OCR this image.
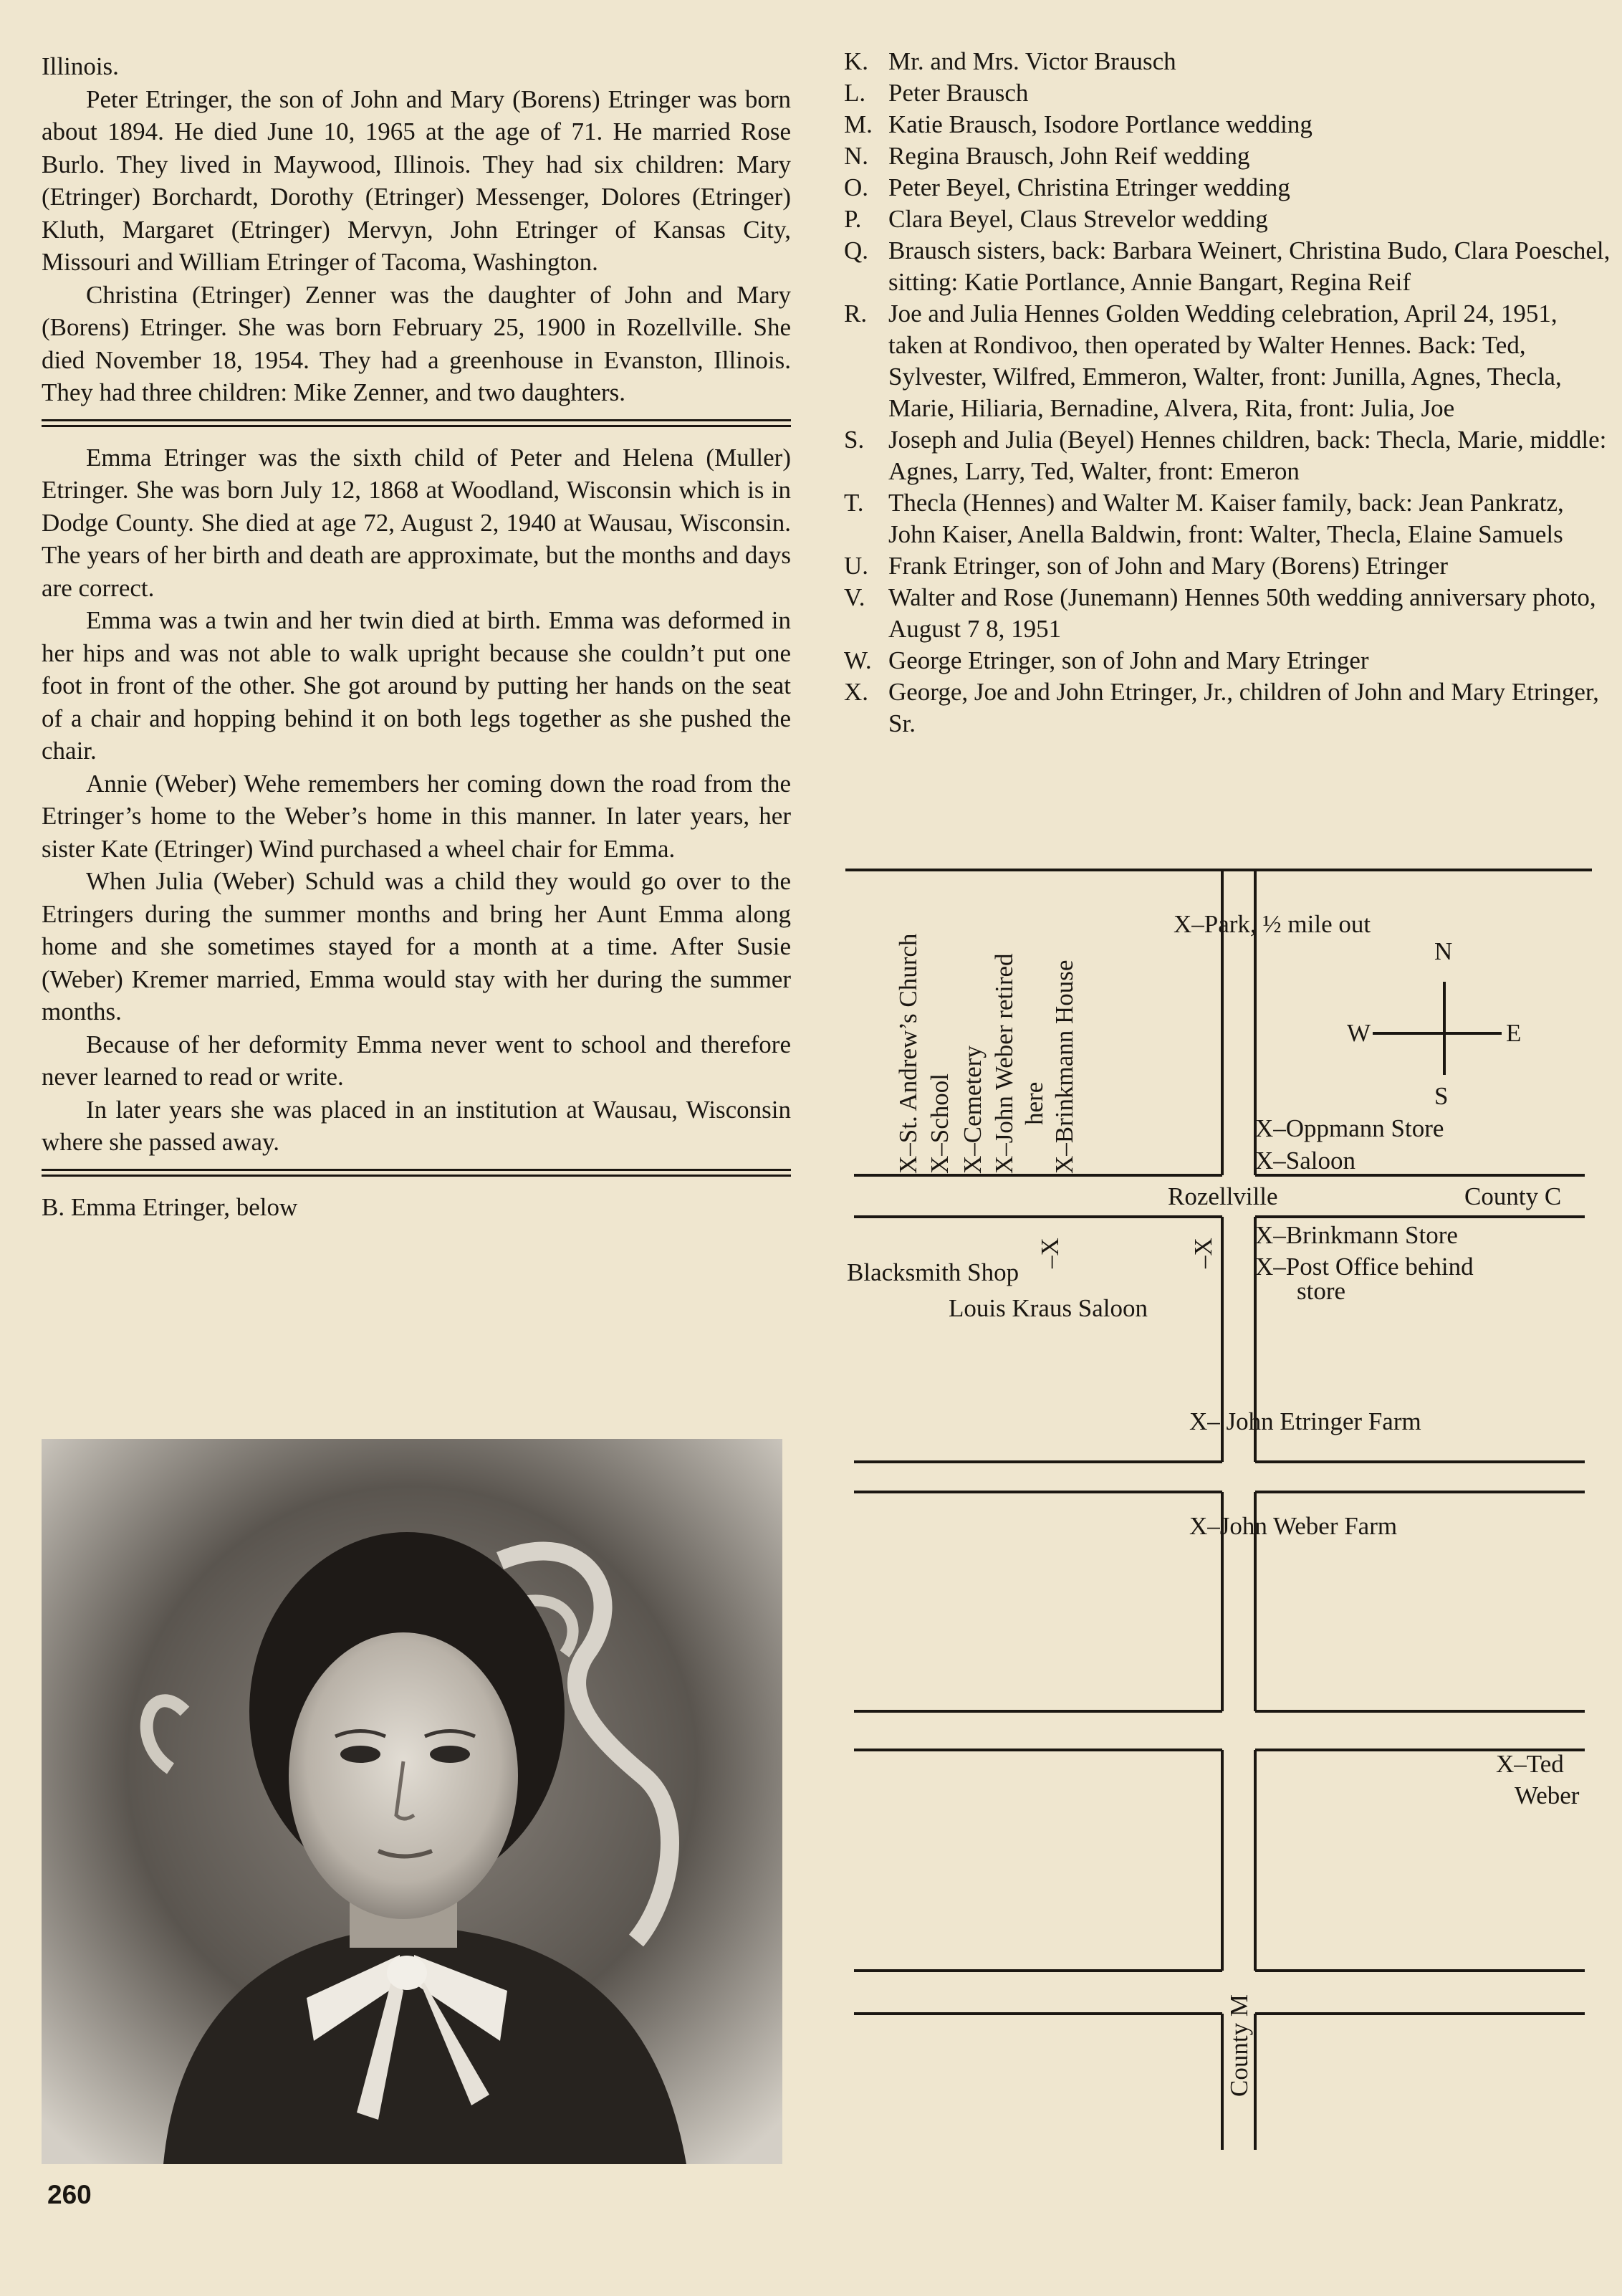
Illinois.

Peter Etringer, the son of John and Mary (Borens) Etringer was born about 1894. He died June 10, 1965 at the age of 71. He married Rose Burlo. They lived in Maywood, Illinois. They had six children: Mary (Etringer) Borchardt, Dorothy (Etringer) Messenger, Dolores (Etringer) Kluth, Margaret (Etringer) Mervyn, John Etringer of Kansas City, Missouri and William Etringer of Tacoma, Washington.

Christina (Etringer) Zenner was the daughter of John and Mary (Borens) Etringer. She was born February 25, 1900 in Rozellville. She died November 18, 1954. They had a greenhouse in Evanston, Illinois. They had three children: Mike Zenner, and two daughters.

Emma Etringer was the sixth child of Peter and Helena (Muller) Etringer. She was born July 12, 1868 at Woodland, Wisconsin which is in Dodge County. She died at age 72, August 2, 1940 at Wausau, Wisconsin. The years of her birth and death are approximate, but the months and days are correct.

Emma was a twin and her twin died at birth. Emma was deformed in her hips and was not able to walk upright because she couldn’t put one foot in front of the other. She got around by putting her hands on the seat of a chair and hopping behind it on both legs together as she pushed the chair.

Annie (Weber) Wehe remembers her coming down the road from the Etringer’s home to the Weber’s home in this manner. In later years, her sister Kate (Etringer) Wind purchased a wheel chair for Emma.

When Julia (Weber) Schuld was a child they would go over to the Etringers during the summer months and bring her Aunt Emma along home and she sometimes stayed for a month at a time. After Susie (Weber) Kremer married, Emma would stay with her during the summer months.

Because of her deformity Emma never went to school and therefore never learned to read or write.

In later years she was placed in an institution at Wausau, Wisconsin where she passed away.

B. Emma Etringer, below
260
K. Mr. and Mrs. Victor Brausch
L. Peter Brausch
M. Katie Brausch, Isodore Portlance wedding
N. Regina Brausch, John Reif wedding
O. Peter Beyel, Christina Etringer wedding
P. Clara Beyel, Claus Strevelor wedding
Q. Brausch sisters, back: Barbara Weinert, Christina Budo, Clara Poeschel, sitting: Katie Portlance, Annie Bangart, Regina Reif
R. Joe and Julia Hennes Golden Wedding celebration, April 24, 1951, taken at Rondivoo, then operated by Walter Hennes. Back: Ted, Sylvester, Wilfred, Emmeron, Walter, front: Junilla, Agnes, Thecla, Marie, Hiliaria, Bernadine, Alvera, Rita, front: Julia, Joe
S. Joseph and Julia (Beyel) Hennes children, back: Thecla, Marie, middle: Agnes, Larry, Ted, Walter, front: Emeron
T. Thecla (Hennes) and Walter M. Kaiser family, back: Jean Pankratz, John Kaiser, Anella Baldwin, front: Walter, Thecla, Elaine Samuels
U. Frank Etringer, son of John and Mary (Borens) Etringer
V. Walter and Rose (Junemann) Hennes 50th wedding anniversary photo, August 7 8, 1951
W. George Etringer, son of John and Mary Etringer
X. George, Joe and John Etringer, Jr., children of John and Mary Etringer, Sr.
X–Park, ½ mile out
N
W	E
S
X–St. Andrew’s Church X–School X–Cemetery X–John Weber retired here X–Brinkmann House	X–Oppmann Store
X–Saloon
Rozellville	County C
–X	–X
X–Brinkmann Store
X–Post Office behind
store
Blacksmith Shop
Louis Kraus Saloon
X– John Etringer Farm
X–John Weber Farm
X–Ted
Weber
County M
